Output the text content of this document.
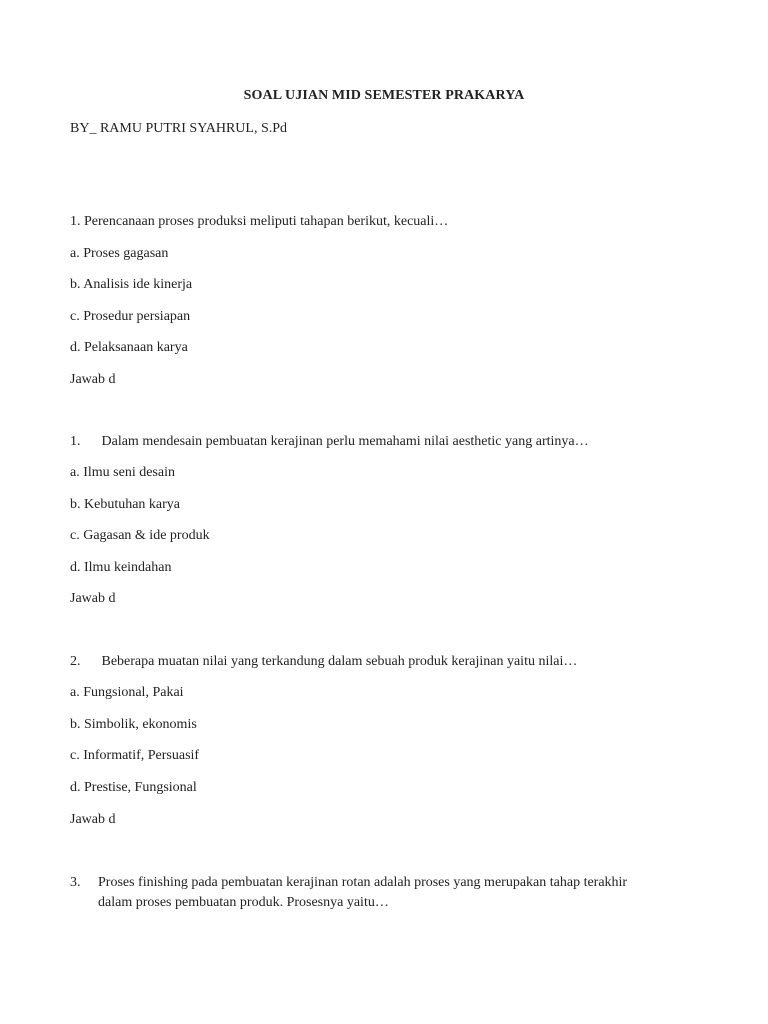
SOAL UJIAN MID SEMESTER PRAKARYA
BY_ RAMU PUTRI SYAHRUL, S.Pd
1. Perencanaan proses produksi meliputi tahapan berikut, kecuali…
a. Proses gagasan
b. Analisis ide kinerja
c. Prosedur persiapan
d. Pelaksanaan karya
Jawab d
1. Dalam mendesain pembuatan kerajinan perlu memahami nilai aesthetic yang artinya…
a. Ilmu seni desain
b. Kebutuhan karya
c. Gagasan & ide produk
d. Ilmu keindahan
Jawab d
2. Beberapa muatan nilai yang terkandung dalam sebuah produk kerajinan yaitu nilai…
a. Fungsional, Pakai
b. Simbolik, ekonomis
c. Informatif, Persuasif
d. Prestise, Fungsional
Jawab d
3.	Proses finishing pada pembuatan kerajinan rotan adalah proses yang merupakan tahap terakhir
dalam proses pembuatan produk. Prosesnya yaitu…
